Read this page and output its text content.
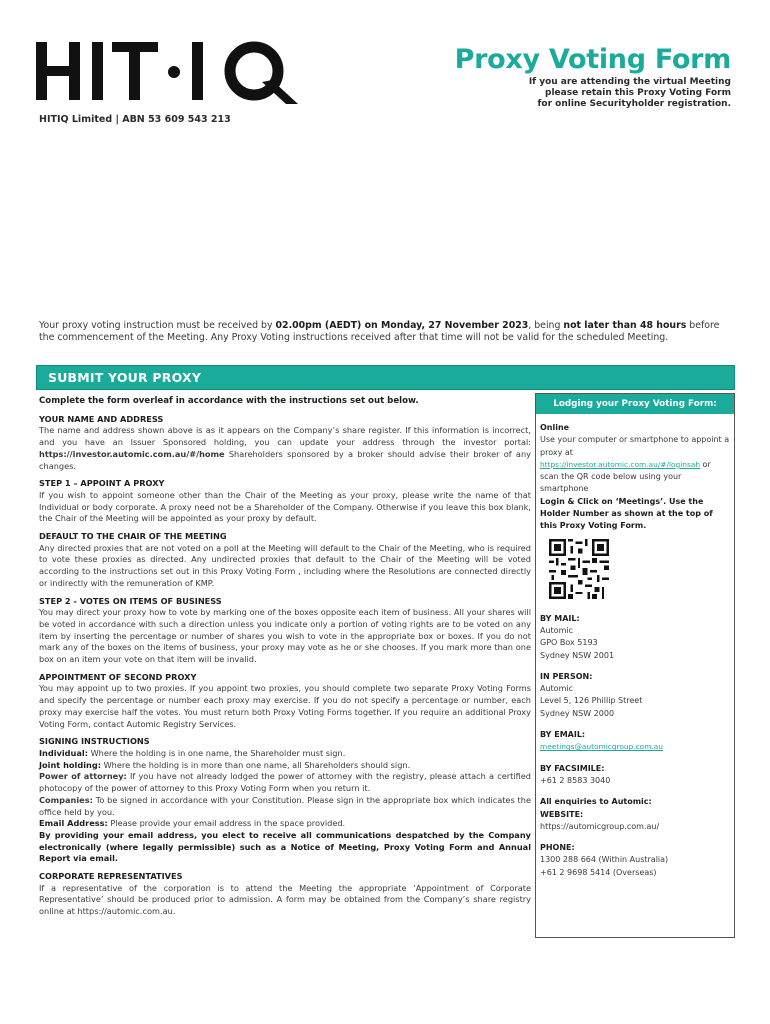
HIT·IQ
HITIQ Limited | ABN 53 609 543 213
Proxy Voting Form
If you are attending the virtual Meeting
please retain this Proxy Voting Form
for online Securityholder registration.
Your proxy voting instruction must be received by 02.00pm (AEDT) on Monday, 27 November 2023, being not later than 48 hours before the commencement of the Meeting. Any Proxy Voting instructions received after that time will not be valid for the scheduled Meeting.
SUBMIT YOUR PROXY

Complete the form overleaf in accordance with the instructions set out below.

YOUR NAME AND ADDRESS

The name and address shown above is as it appears on the Company’s share register. If this information is incorrect, and you have an Issuer Sponsored holding, you can update your address through the investor portal: https://investor.automic.com.au/#/home Shareholders sponsored by a broker should advise their broker of any changes.

STEP 1 – APPOINT A PROXY

If you wish to appoint someone other than the Chair of the Meeting as your proxy, please write the name of that Individual or body corporate. A proxy need not be a Shareholder of the Company. Otherwise if you leave this box blank, the Chair of the Meeting will be appointed as your proxy by default.

DEFAULT TO THE CHAIR OF THE MEETING

Any directed proxies that are not voted on a poll at the Meeting will default to the Chair of the Meeting, who is required to vote these proxies as directed. Any undirected proxies that default to the Chair of the Meeting will be voted according to the instructions set out in this Proxy Voting Form , including where the Resolutions are connected directly or indirectly with the remuneration of KMP.

STEP 2 - VOTES ON ITEMS OF BUSINESS

You may direct your proxy how to vote by marking one of the boxes opposite each item of business. All your shares will be voted in accordance with such a direction unless you indicate only a portion of voting rights are to be voted on any item by inserting the percentage or number of shares you wish to vote in the appropriate box or boxes. If you do not mark any of the boxes on the items of business, your proxy may vote as he or she chooses. If you mark more than one box on an item your vote on that item will be invalid.

APPOINTMENT OF SECOND PROXY

You may appoint up to two proxies. If you appoint two proxies, you should complete two separate Proxy Voting Forms and specify the percentage or number each proxy may exercise. If you do not specify a percentage or number, each proxy may exercise half the votes. You must return both Proxy Voting Forms together. If you require an additional Proxy Voting Form, contact Automic Registry Services.

SIGNING INSTRUCTIONS

Individual: Where the holding is in one name, the Shareholder must sign.

Joint holding: Where the holding is in more than one name, all Shareholders should sign.

Power of attorney: If you have not already lodged the power of attorney with the registry, please attach a certified photocopy of the power of attorney to this Proxy Voting Form when you return it.

Companies: To be signed in accordance with your Constitution. Please sign in the appropriate box which indicates the office held by you.

Email Address: Please provide your email address in the space provided.

By providing your email address, you elect to receive all communications despatched by the Company electronically (where legally permissible) such as a Notice of Meeting, Proxy Voting Form and Annual Report via email.

CORPORATE REPRESENTATIVES

If a representative of the corporation is to attend the Meeting the appropriate ‘Appointment of Corporate Representative’ should be produced prior to admission. A form may be obtained from the Company’s share registry online at https://automic.com.au.

Lodging your Proxy Voting Form:
Online
Use your computer or smartphone to appoint a proxy at
https://investor.automic.com.au/#/loginsah or scan the QR code below using your smartphone
Login & Click on ‘Meetings’. Use the Holder Number as shown at the top of this Proxy Voting Form.
BY MAIL:
Automic
GPO Box 5193
Sydney NSW 2001
IN PERSON:
Automic
Level 5, 126 Phillip Street
Sydney NSW 2000
BY EMAIL:
meetings@automicgroup.com.au
BY FACSIMILE:
+61 2 8583 3040
All enquiries to Automic:
WEBSITE:
https://automicgroup.com.au/
PHONE:
1300 288 664 (Within Australia)
+61 2 9698 5414 (Overseas)
